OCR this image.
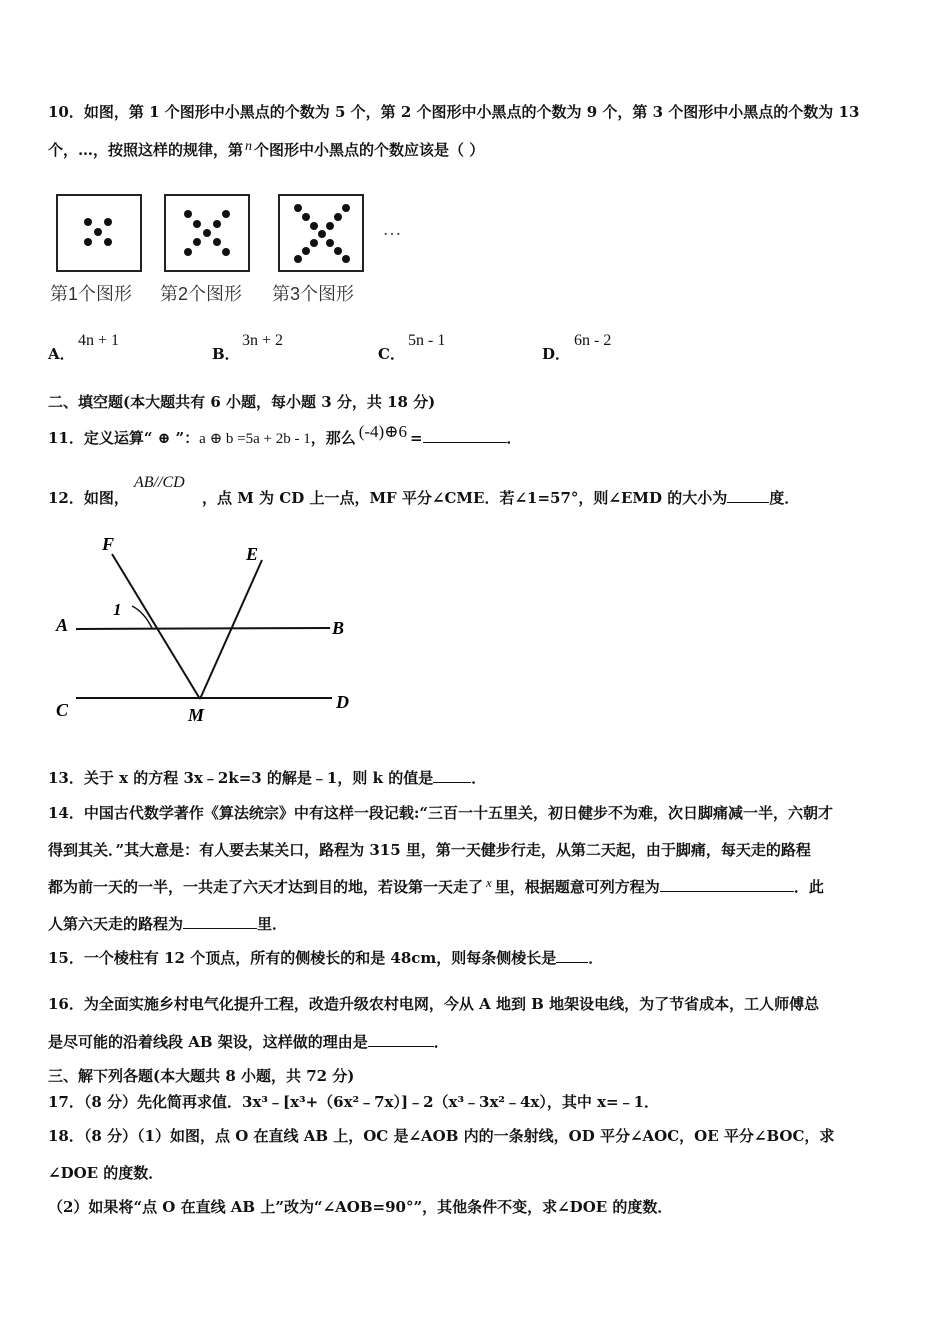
10．如图，第 1 个图形中小黑点的个数为 5 个，第 2 个图形中小黑点的个数为 9 个，第 3 个图形中小黑点的个数为 13
个，…，按照这样的规律，第 n 个图形中小黑点的个数应该是（ ）
…
第1个图形 第2个图形 第3个图形
A．
4n + 1
B．
3n + 2
C．
5n - 1
D．
6n - 2
二、填空题(本大题共有 6 小题，每小题 3 分，共 18 分)
11．定义运算“ ⊕ ”：a ⊕ b =5a + 2b - 1，那么 (-4)⊕6 =	．
12．如图，
AB//CD
，点 M 为 CD 上一点，MF 平分∠CME．若∠1=57°，则∠EMD 的大小为	度．
F	E
A	B
C	D
M
1
13．关于 x 的方程 3x﹣2k=3 的解是﹣1，则 k 的值是	．
14．中国古代数学著作《算法统宗》中有这样一段记载:“三百一十五里关，初日健步不为难，次日脚痛减一半，六朝才
得到其关．”其大意是：有人要去某关口，路程为 315 里，第一天健步行走，从第二天起，由于脚痛，每天走的路程
都为前一天的一半，一共走了六天才达到目的地，若设第一天走了 x 里，根据题意可列方程为	．此
人第六天走的路程为	里．
15．一个棱柱有 12 个顶点，所有的侧棱长的和是 48cm，则每条侧棱长是 ．
16．为全面实施乡村电气化提升工程，改造升级农村电网，今从 A 地到 B 地架设电线，为了节省成本，工人师傅总
是尽可能的沿着线段 AB 架设，这样做的理由是	．
三、解下列各题(本大题共 8 小题，共 72 分)
17．（8 分）先化简再求值．3x³﹣[x³+（6x²﹣7x）]﹣2（x³﹣3x²﹣4x），其中 x=﹣1．
18．（8 分）（1）如图，点 O 在直线 AB 上，OC 是∠AOB 内的一条射线，OD 平分∠AOC，OE 平分∠BOC，求
∠DOE 的度数．
（2）如果将“点 O 在直线 AB 上”改为“∠AOB=90°”，其他条件不变，求∠DOE 的度数．
